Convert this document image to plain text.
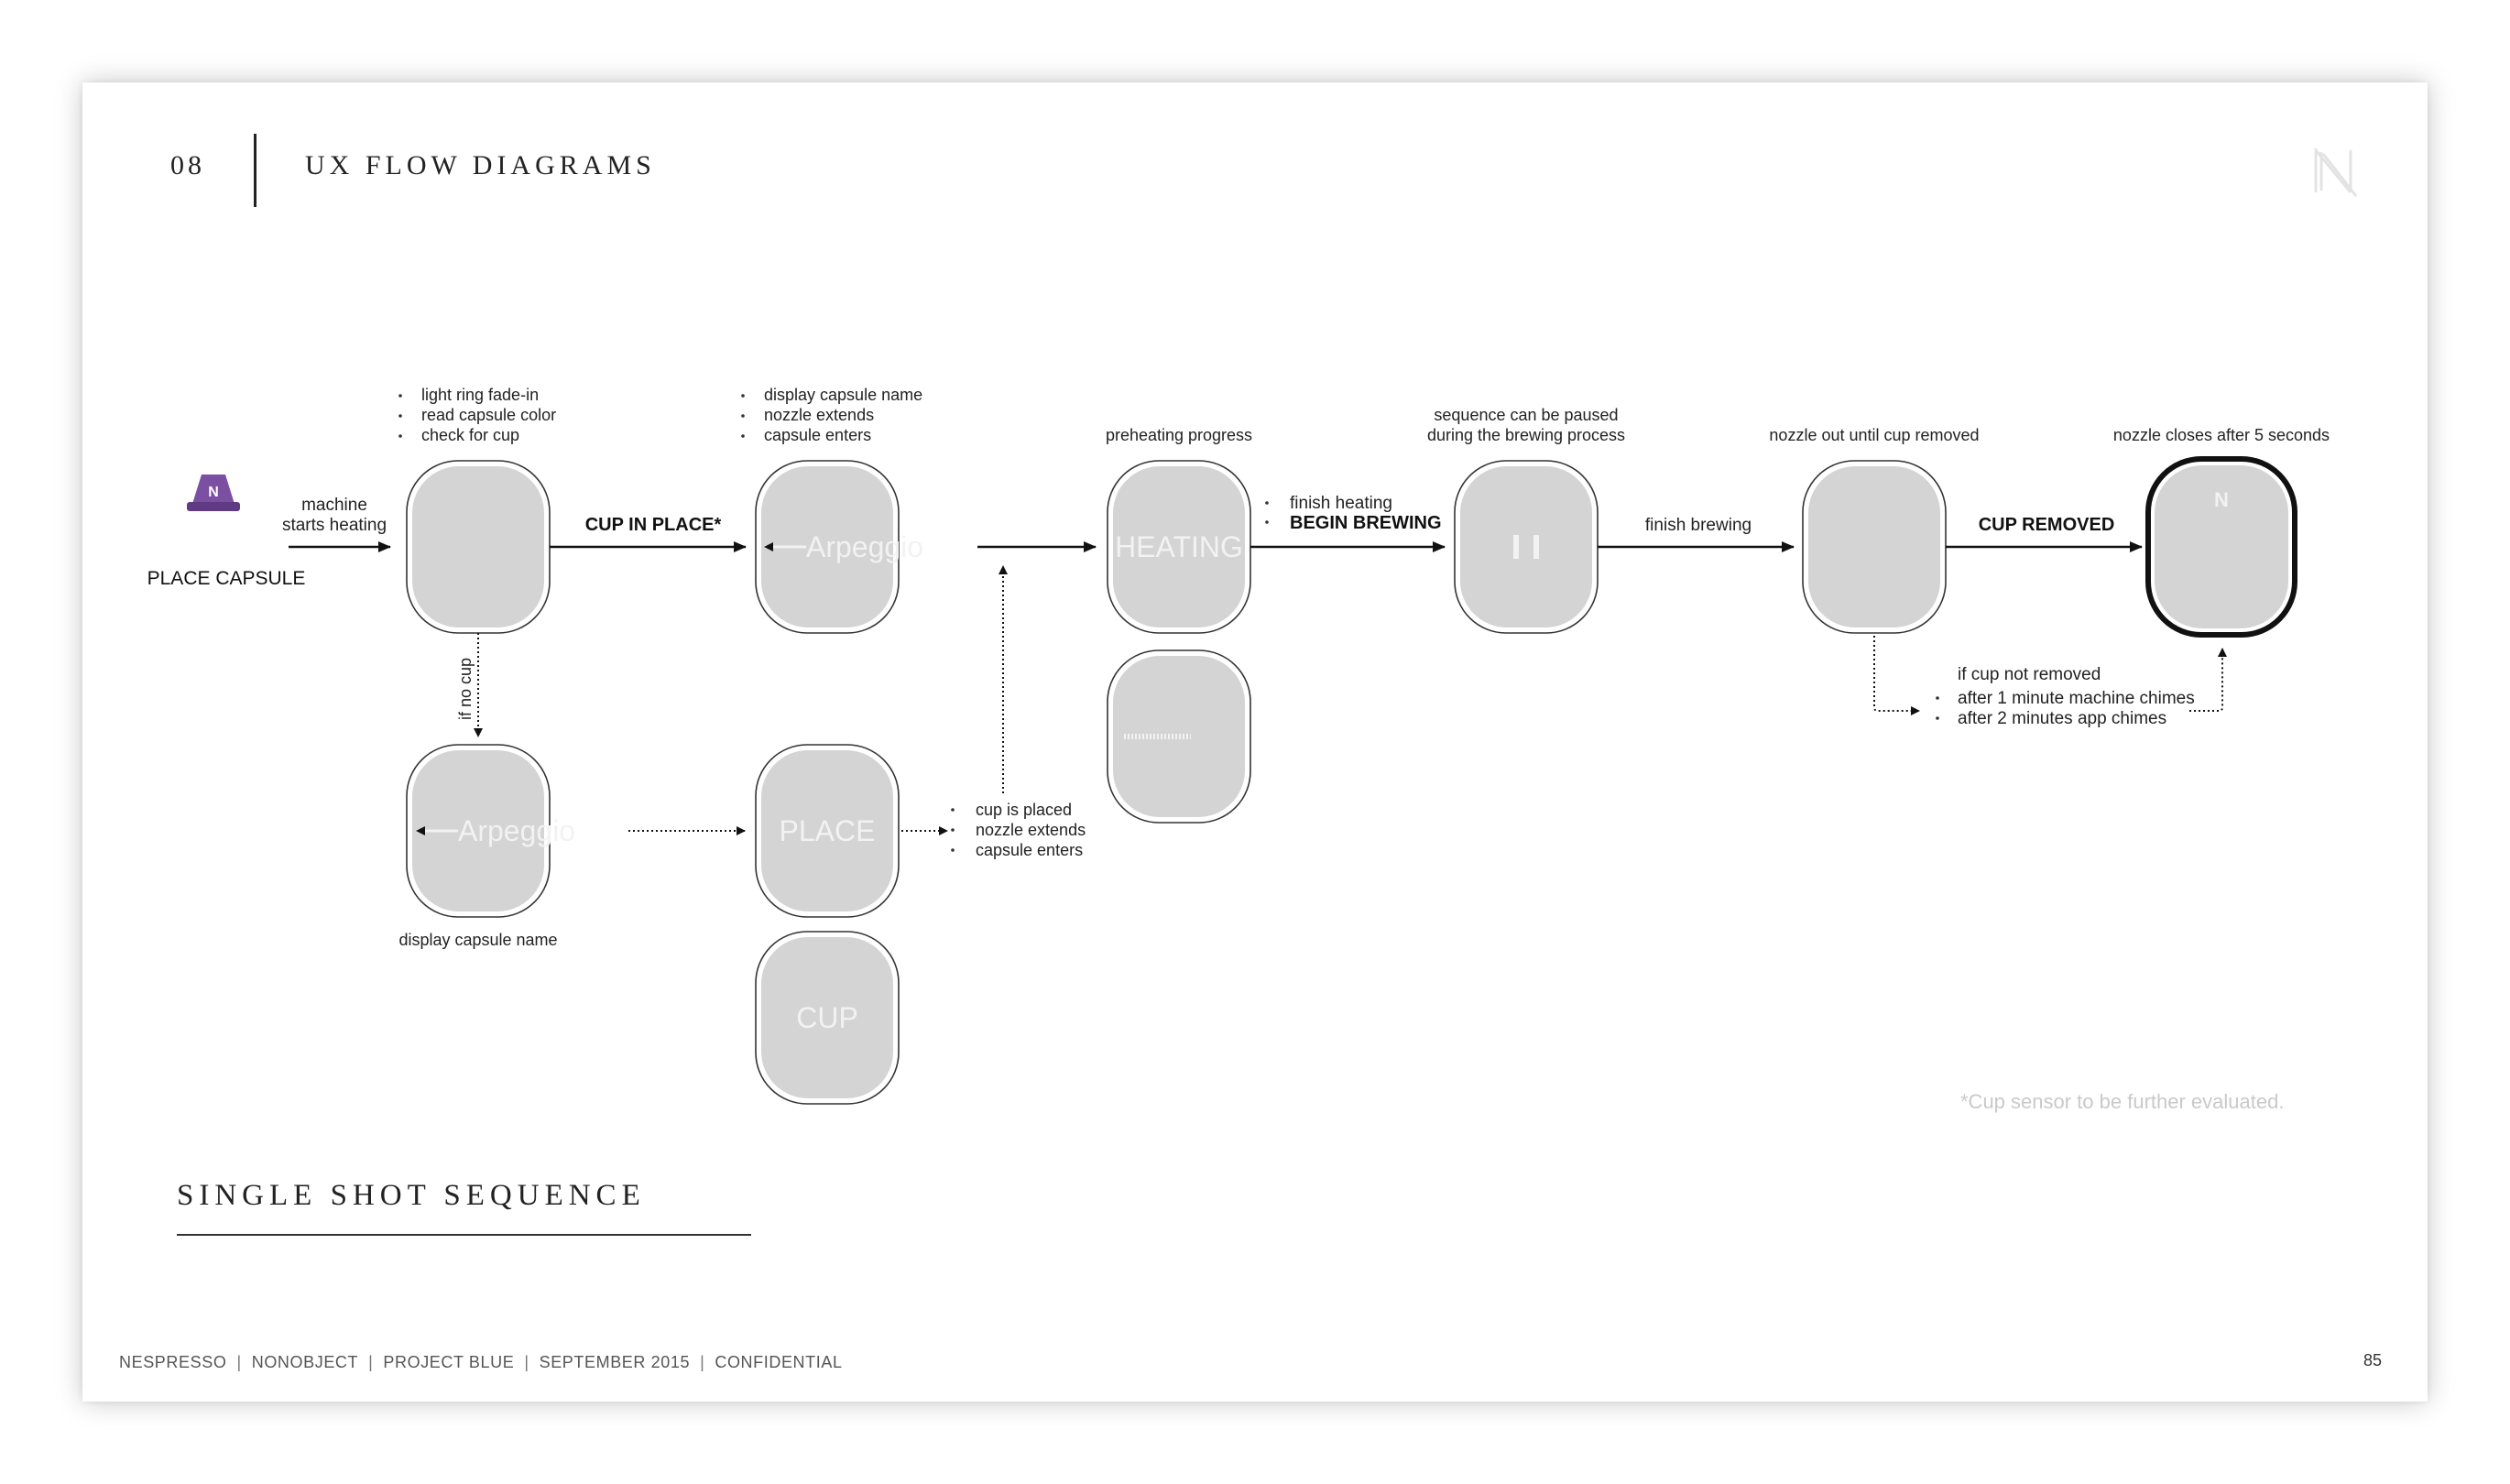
08	UX FLOW DIAGRAMS
N
PLACE CAPSULE
machine
starts heating
light ring fade-in
read capsule color
check for cup
CUP IN PLACE*
display capsule name
nozzle extends
capsule enters
Arpeggio
preheating progress
HEATING
finish heating
BEGIN BREWING
sequence can be paused
during the brewing process
finish brewing
nozzle out until cup removed
CUP REMOVED
nozzle closes after 5 seconds
N
if no cup
Arpeggio
display capsule name
PLACE
CUP
cup is placed
nozzle extends
capsule enters
if cup not removed
after 1 minute machine chimes
after 2 minutes app chimes
*Cup sensor to be further evaluated.
SINGLE SHOT SEQUENCE
NESPRESSO | NONOBJECT | PROJECT BLUE | SEPTEMBER 2015 | CONFIDENTIAL	85
